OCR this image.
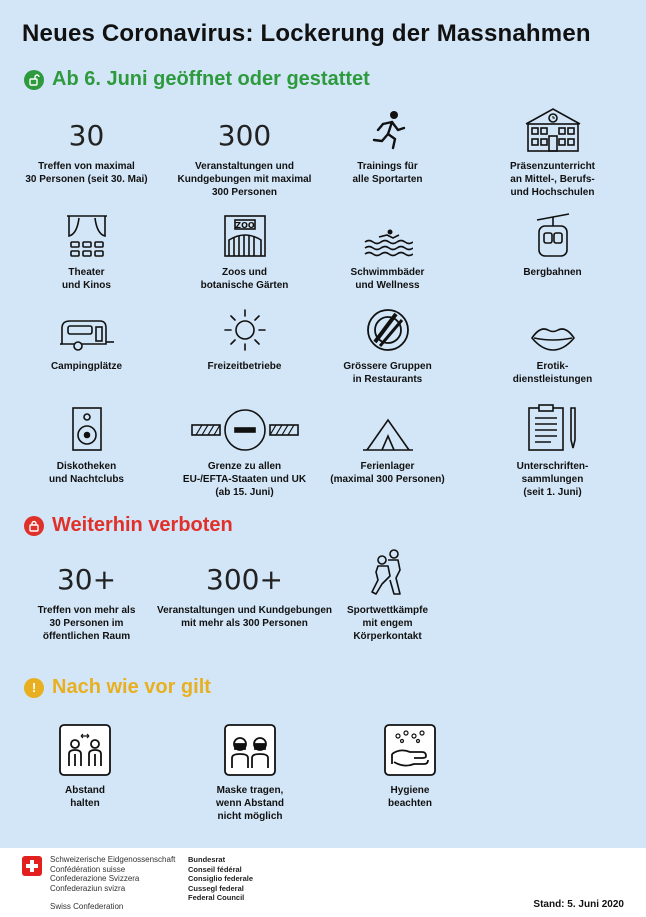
Neues Coronavirus: Lockerung der Massnahmen
Ab 6. Juni geöffnet oder gestattet
30
Treffen von maximal
30 Personen (seit 30. Mai)
300
Veranstaltungen und
Kundgebungen mit maximal
300 Personen
Trainings für
alle Sportarten
Präsenzunterricht
an Mittel-, Berufs-
und Hochschulen
Theater
und Kinos
ZOO
Zoos und
botanische Gärten
Schwimmbäder
und Wellness
Bergbahnen
Campingplätze	Freizeitbetriebe	Grössere Gruppen
in Restaurants
Erotik-
dienstleistungen
Diskotheken
und Nachtclubs
Grenze zu allen
EU-/EFTA-Staaten und UK
(ab 15. Juni)
Ferienlager
(maximal 300 Personen)
Unterschriften-
sammlungen
(seit 1. Juni)
Weiterhin verboten
30+
Treffen von mehr als
30 Personen im
öffentlichen Raum
300+
Veranstaltungen und Kundgebungen
mit mehr als 300 Personen
Sportwettkämpfe
mit engem
Körperkontakt
! Nach wie vor gilt
Abstand
halten
Maske tragen,
wenn Abstand
nicht möglich
Hygiene
beachten
Schweizerische Eidgenossenschaft
Confédération suisse
Confederazione Svizzera
Confederaziun svizra
Swiss Confederation
Bundesrat
Conseil fédéral
Consiglio federale
Cussegl federal
Federal Council
Stand: 5. Juni 2020
